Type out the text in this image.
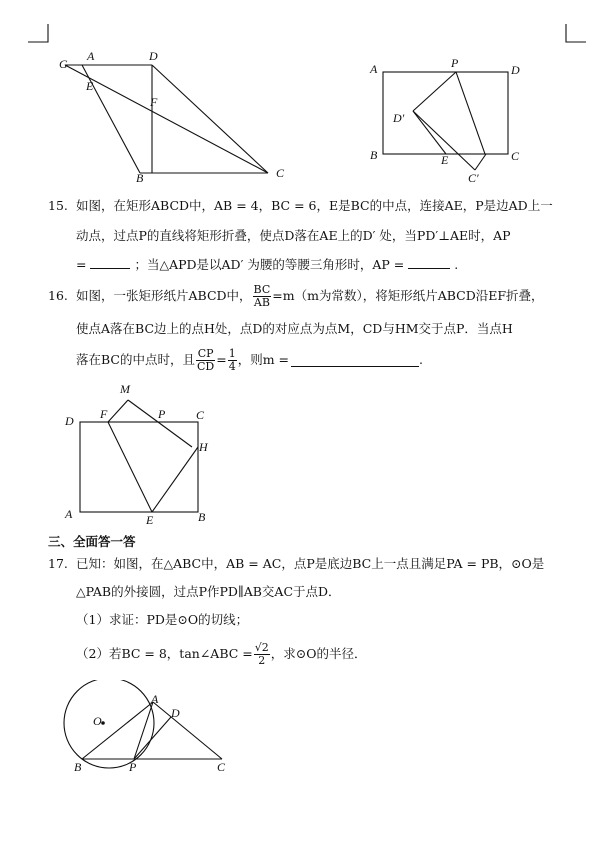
G
A	D
E
F
B	C
A	P	D
D′
B	E	C
C′
15. 如图，在矩形ABCD中，AB = 4，BC = 6，E是BC的中点，连接AE，P是边AD上一
动点，过点P的直线将矩形折叠，使点D落在AE上的D′ 处，当PD′⊥AE时，AP
=	；当△APD是以AD′ 为腰的等腰三角形时，AP =	.
16. 如图，一张矩形纸片ABCD中， $\frac{BC}{AB} =m(m$为常数），将矩形纸片ABCD沿EF折叠，
使点A落在BC边上的点H处，点D的对应点为点M，CD与HM交于点P．当点H
落在BC的中点时，且 $\frac{CP}{CD} = \frac{1}{4}$ ，则m =	.
M
D F	P	C
H
A	E	B
三、全面答一答
17. 已知：如图，在△ABC中，AB = AC，点P是底边BC上一点且满足PA = PB，⊙O是
△PAB的外接圆，过点P作PD∥AB交AC于点D．
（1）求证：PD是⊙O的切线；
（2）若BC = 8，tan∠ABC = $\frac{√2}{2}$ ，求⊙O的半径．
O
A
D
B	P	C
